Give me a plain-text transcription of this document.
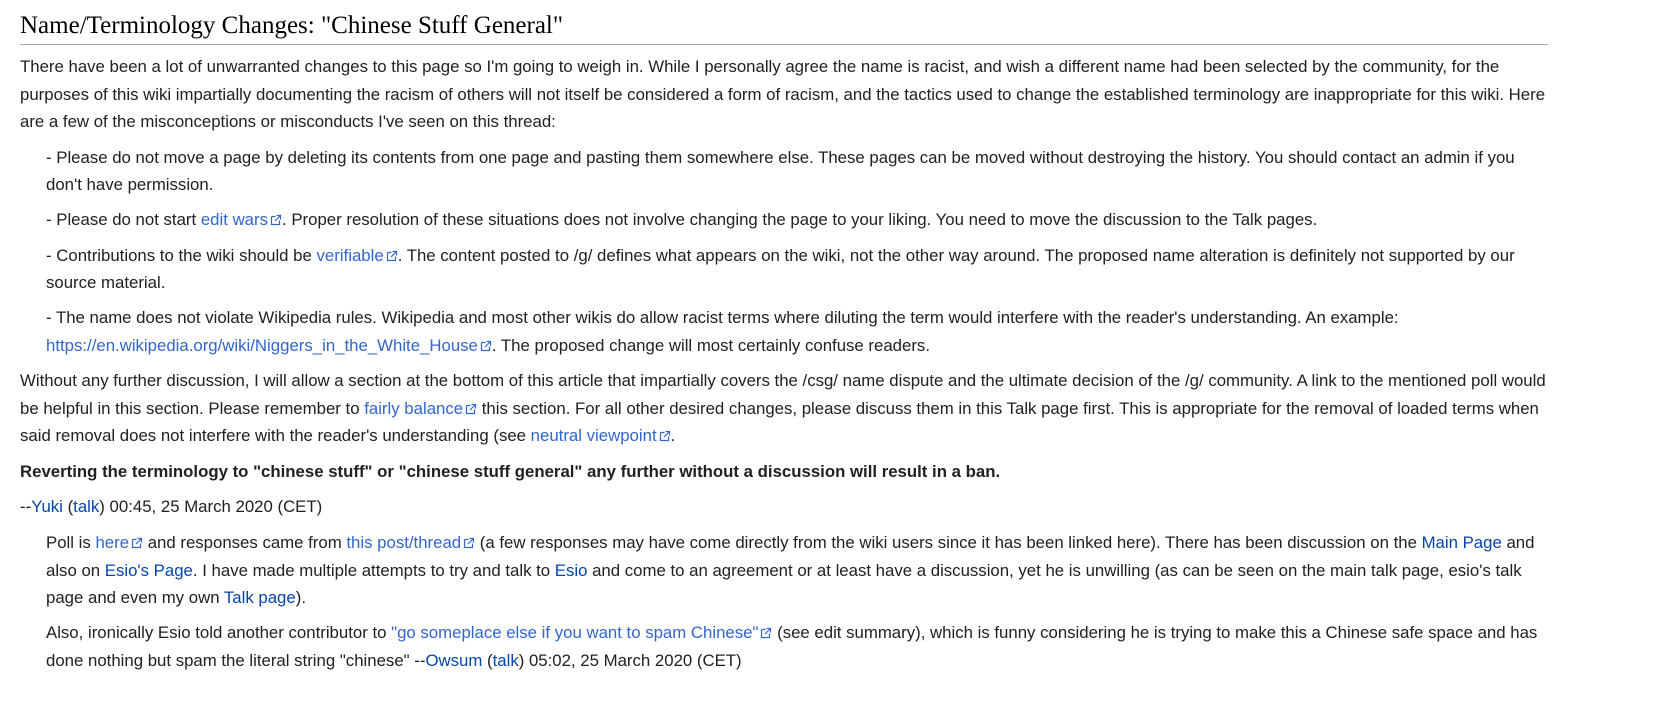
Name/Terminology Changes: "Chinese Stuff General"

There have been a lot of unwarranted changes to this page so I'm going to weigh in. While I personally agree the name is racist, and wish a different name had been selected by the community, for the purposes of this wiki impartially documenting the racism of others will not itself be considered a form of racism, and the tactics used to change the established terminology are inappropriate for this wiki. Here are a few of the misconceptions or misconducts I've seen on this thread:

- Please do not move a page by deleting its contents from one page and pasting them somewhere else. These pages can be moved without destroying the history. You should contact an admin if you don't have permission.
- Please do not start edit wars . Proper resolution of these situations does not involve changing the page to your liking. You need to move the discussion to the Talk pages.
- Contributions to the wiki should be verifiable . The content posted to /g/ defines what appears on the wiki, not the other way around. The proposed name alteration is definitely not supported by our source material.
- The name does not violate Wikipedia rules. Wikipedia and most other wikis do allow racist terms where diluting the term would interfere with the reader's understanding. An example: https://en.wikipedia.org/wiki/Niggers_in_the_White_House . The proposed change will most certainly confuse readers.

Without any further discussion, I will allow a section at the bottom of this article that impartially covers the /csg/ name dispute and the ultimate decision of the /g/ community. A link to the mentioned poll would be helpful in this section. Please remember to fairly balance
this section. For all other desired changes, please discuss them in this Talk page first. This is appropriate for the removal of loaded terms when said removal does not interfere with the reader's understanding (see neutral viewpoint .

Reverting the terminology to "chinese stuff" or "chinese stuff general" any further without a discussion will result in a ban.

--Yuki (talk) 00:45, 25 March 2020 (CET)

Poll is here
and responses came from this post/thread
(a few responses may have come directly from the wiki users since it has been linked here). There has been discussion on the Main Page and also on Esio's Page. I have made multiple attempts to try and talk to Esio and come to an agreement or at least have a discussion, yet he is unwilling (as can be seen on the main talk page, esio's talk page and even my own Talk page).
Also, ironically Esio told another contributor to "go someplace else if you want to spam Chinese"
(see edit summary), which is funny considering he is trying to make this a Chinese safe space and has done nothing but spam the literal string "chinese" --Owsum (talk) 05:02, 25 March 2020 (CET)
